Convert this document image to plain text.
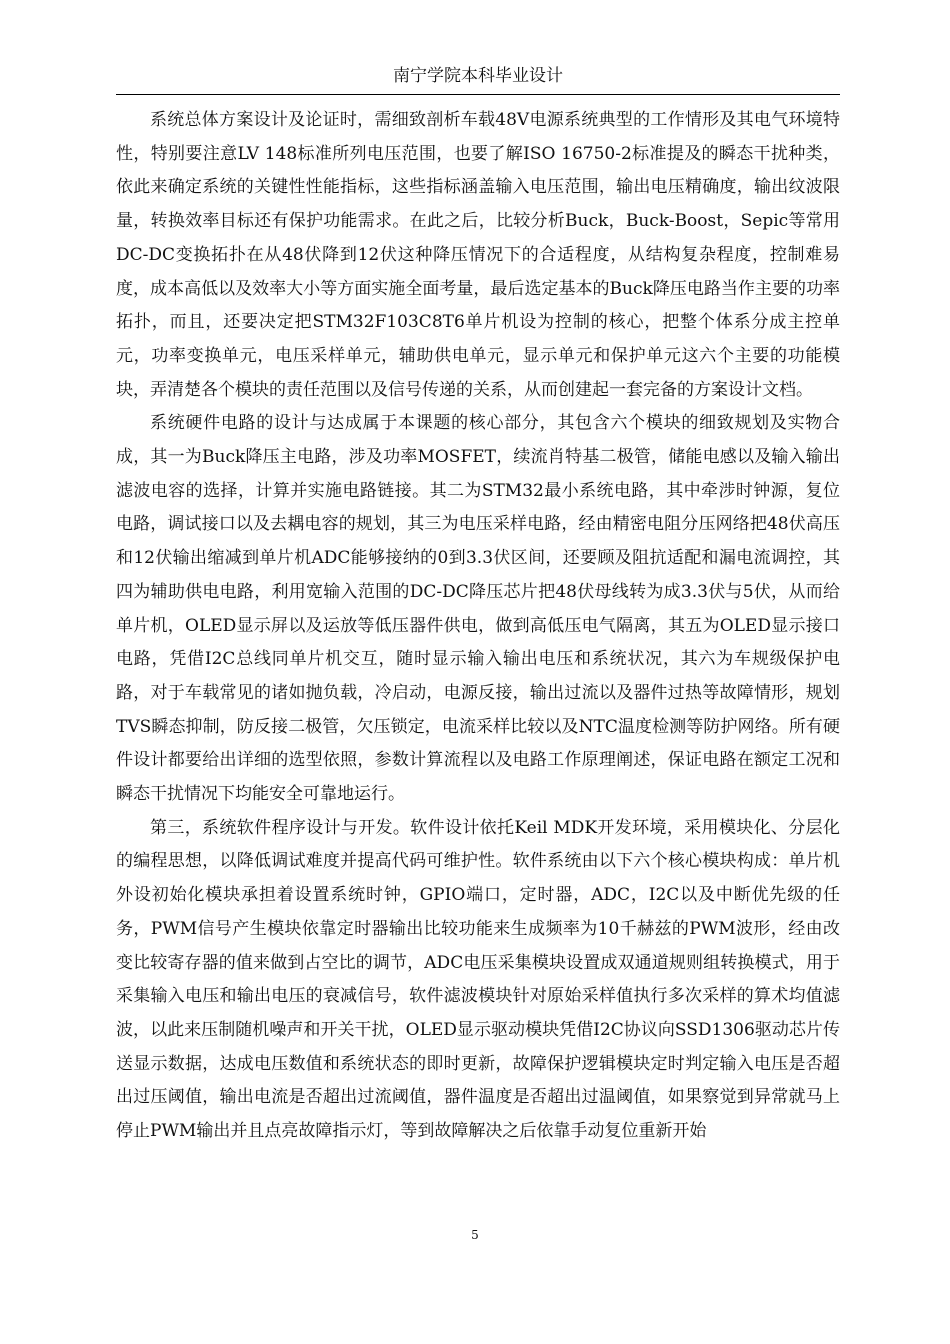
南宁学院本科毕业设计

系统总体方案设计及论证时，需细致剖析车载48V电源系统典型的工作情形及其电气环境特性，特别要注意LV 148标准所列电压范围，也要了解ISO 16750-2标准提及的瞬态干扰种类，依此来确定系统的关键性性能指标，这些指标涵盖输入电压范围，输出电压精确度，输出纹波限量，转换效率目标还有保护功能需求。在此之后，比较分析Buck，Buck-Boost，Sepic等常用DC-DC变换拓扑在从48伏降到12伏这种降压情况下的合适程度，从结构复杂程度，控制难易度，成本高低以及效率大小等方面实施全面考量，最后选定基本的Buck降压电路当作主要的功率拓扑，而且，还要决定把STM32F103C8T6单片机设为控制的核心，把整个体系分成主控单元，功率变换单元，电压采样单元，辅助供电单元，显示单元和保护单元这六个主要的功能模块，弄清楚各个模块的责任范围以及信号传递的关系，从而创建起一套完备的方案设计文档。

系统硬件电路的设计与达成属于本课题的核心部分，其包含六个模块的细致规划及实物合成，其一为Buck降压主电路，涉及功率MOSFET，续流肖特基二极管，储能电感以及输入输出滤波电容的选择，计算并实施电路链接。其二为STM32最小系统电路，其中牵涉时钟源，复位电路，调试接口以及去耦电容的规划，其三为电压采样电路，经由精密电阻分压网络把48伏高压和12伏输出缩减到单片机ADC能够接纳的0到3.3伏区间，还要顾及阻抗适配和漏电流调控，其四为辅助供电电路，利用宽输入范围的DC-DC降压芯片把48伏母线转为成3.3伏与5伏，从而给单片机，OLED显示屏以及运放等低压器件供电，做到高低压电气隔离，其五为OLED显示接口电路，凭借I2C总线同单片机交互，随时显示输入输出电压和系统状况，其六为车规级保护电路，对于车载常见的诸如抛负载，冷启动，电源反接，输出过流以及器件过热等故障情形，规划TVS瞬态抑制，防反接二极管，欠压锁定，电流采样比较以及NTC温度检测等防护网络。所有硬件设计都要给出详细的选型依照，参数计算流程以及电路工作原理阐述，保证电路在额定工况和瞬态干扰情况下均能安全可靠地运行。

第三，系统软件程序设计与开发。软件设计依托Keil MDK开发环境，采用模块化、分层化的编程思想，以降低调试难度并提高代码可维护性。软件系统由以下六个核心模块构成：单片机外设初始化模块承担着设置系统时钟，GPIO端口，定时器，ADC，I2C以及中断优先级的任务，PWM信号产生模块依靠定时器输出比较功能来生成频率为10千赫兹的PWM波形，经由改变比较寄存器的值来做到占空比的调节，ADC电压采集模块设置成双通道规则组转换模式，用于采集输入电压和输出电压的衰减信号，软件滤波模块针对原始采样值执行多次采样的算术均值滤波，以此来压制随机噪声和开关干扰，OLED显示驱动模块凭借I2C协议向SSD1306驱动芯片传送显示数据，达成电压数值和系统状态的即时更新，故障保护逻辑模块定时判定输入电压是否超出过压阈值，输出电流是否超出过流阈值，器件温度是否超出过温阈值，如果察觉到异常就马上停止PWM输出并且点亮故障指示灯，等到故障解决之后依靠手动复位重新开始

5
